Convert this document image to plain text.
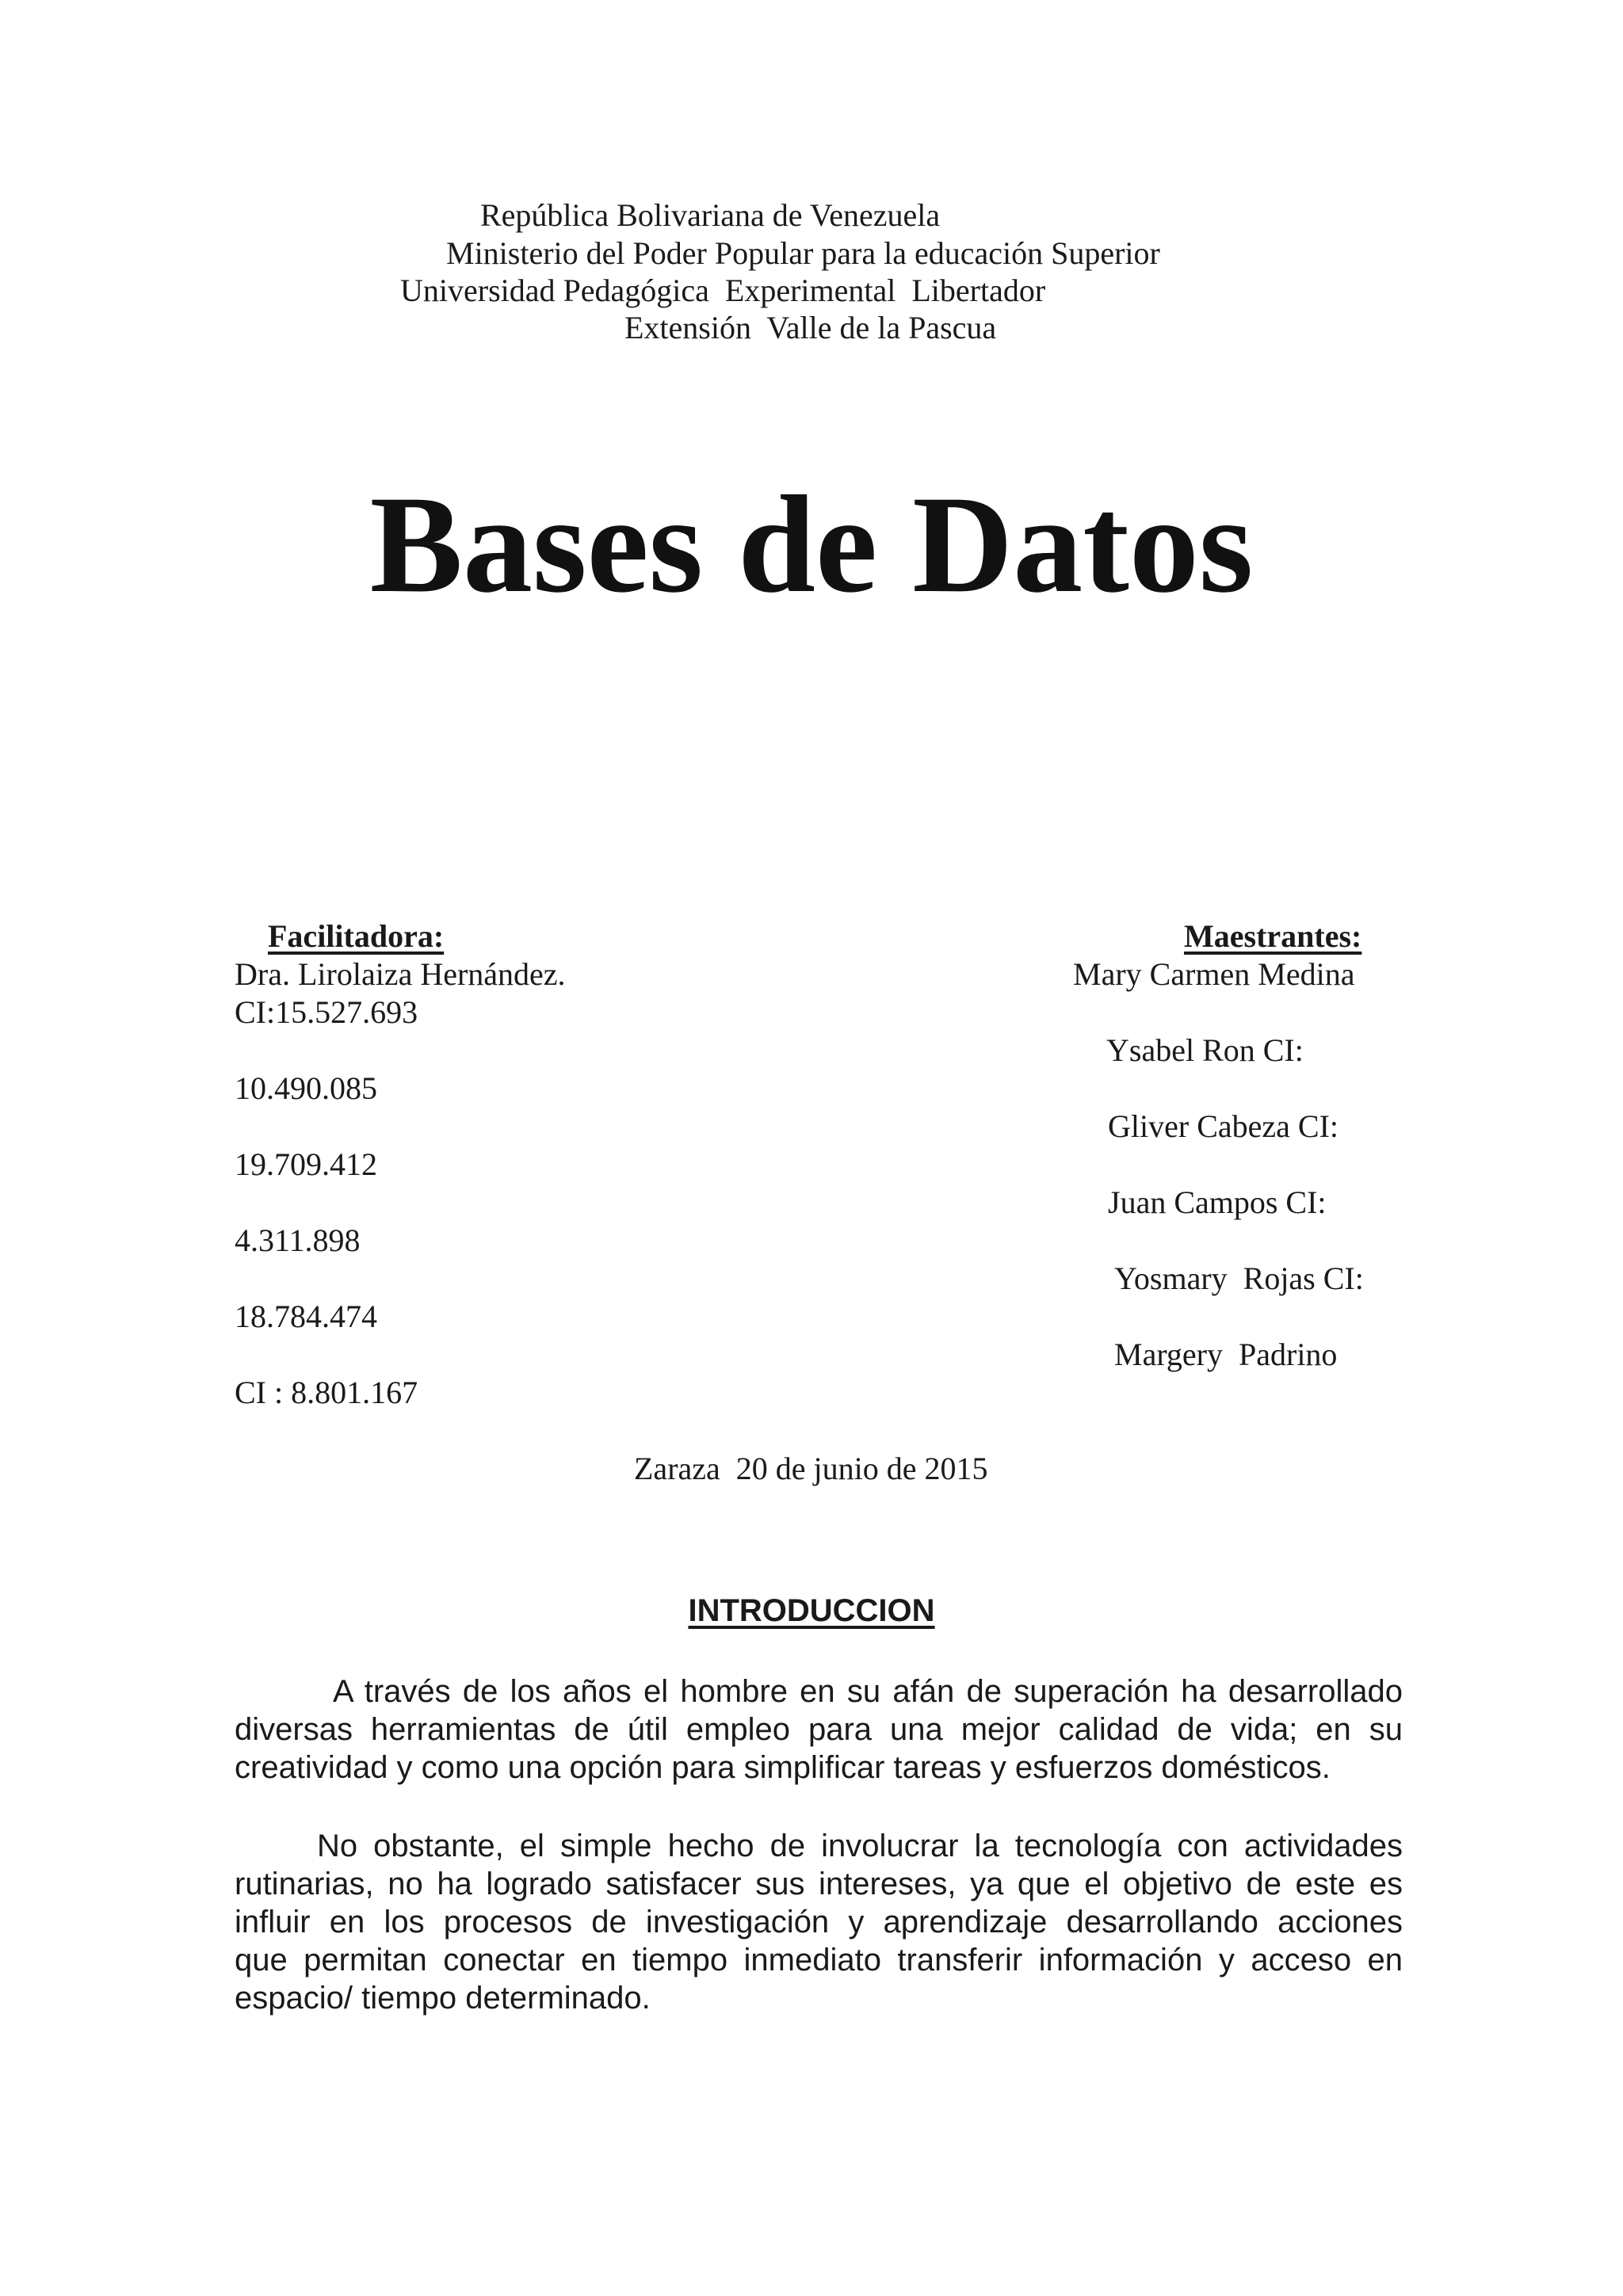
República Bolivariana de Venezuela
Ministerio del Poder Popular para la educación Superior
Universidad Pedagógica  Experimental  Libertador
Extensión  Valle de la Pascua
Bases de Datos
Facilitadora:
Dra. Lirolaiza Hernández.
CI:15.527.693
10.490.085
19.709.412
4.311.898
18.784.474
CI : 8.801.167
Maestrantes:
Mary Carmen Medina
Ysabel Ron CI:
Gliver Cabeza CI:
Juan Campos CI:
Yosmary  Rojas CI:
Margery  Padrino
Zaraza  20 de junio de 2015
INTRODUCCION
A través de los años el hombre en su afán de superación ha desarrollado
diversas herramientas de útil empleo para una mejor calidad de vida; en su
creatividad y como una opción para simplificar tareas y esfuerzos domésticos.
No obstante, el simple hecho de involucrar la tecnología con actividades
rutinarias, no ha logrado satisfacer sus intereses, ya que el objetivo de este es
influir en los procesos de investigación y aprendizaje desarrollando acciones
que permitan conectar en tiempo inmediato transferir información y acceso en
espacio/ tiempo determinado.
